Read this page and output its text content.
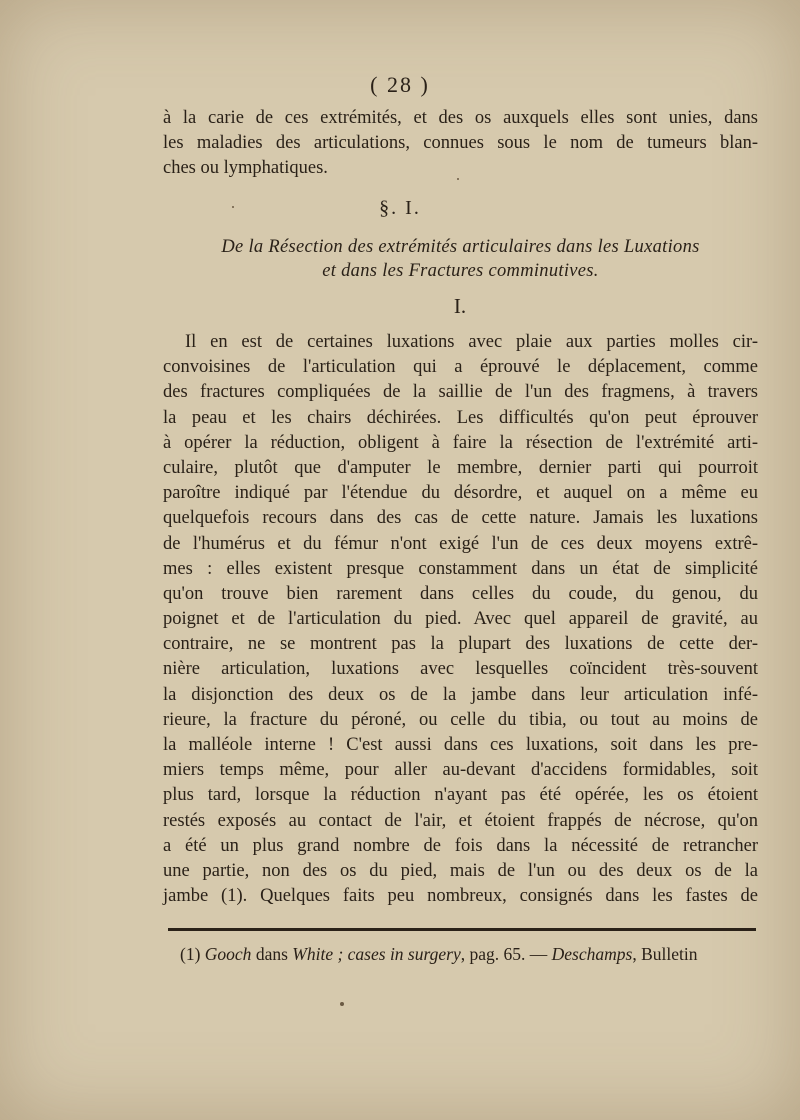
( 28 )
à la carie de ces extrémités, et des os auxquels elles sont unies, dans
les maladies des articulations, connues sous le nom de tumeurs blan-
ches ou lymphatiques.
§. I.
De la Résection des extrémités articulaires dans les Luxations
et dans les Fractures comminutives.
I.
Il en est de certaines luxations avec plaie aux parties molles cir-
convoisines de l'articulation qui a éprouvé le déplacement, comme
des fractures compliquées de la saillie de l'un des fragmens, à travers
la peau et les chairs déchirées. Les difficultés qu'on peut éprouver
à opérer la réduction, obligent à faire la résection de l'extrémité arti-
culaire, plutôt que d'amputer le membre, dernier parti qui pourroit
paroître indiqué par l'étendue du désordre, et auquel on a même eu
quelquefois recours dans des cas de cette nature. Jamais les luxations
de l'humérus et du fémur n'ont exigé l'un de ces deux moyens extrê-
mes : elles existent presque constamment dans un état de simplicité
qu'on trouve bien rarement dans celles du coude, du genou, du
poignet et de l'articulation du pied. Avec quel appareil de gravité, au
contraire, ne se montrent pas la plupart des luxations de cette der-
nière articulation, luxations avec lesquelles coïncident très-souvent
la disjonction des deux os de la jambe dans leur articulation infé-
rieure, la fracture du péroné, ou celle du tibia, ou tout au moins de
la malléole interne ! C'est aussi dans ces luxations, soit dans les pre-
miers temps même, pour aller au-devant d'accidens formidables, soit
plus tard, lorsque la réduction n'ayant pas été opérée, les os étoient
restés exposés au contact de l'air, et étoient frappés de nécrose, qu'on
a été un plus grand nombre de fois dans la nécessité de retrancher
une partie, non des os du pied, mais de l'un ou des deux os de la
jambe (1). Quelques faits peu nombreux, consignés dans les fastes de
(1) Gooch dans White ; cases in surgery, pag. 65. — Deschamps, Bulletin
